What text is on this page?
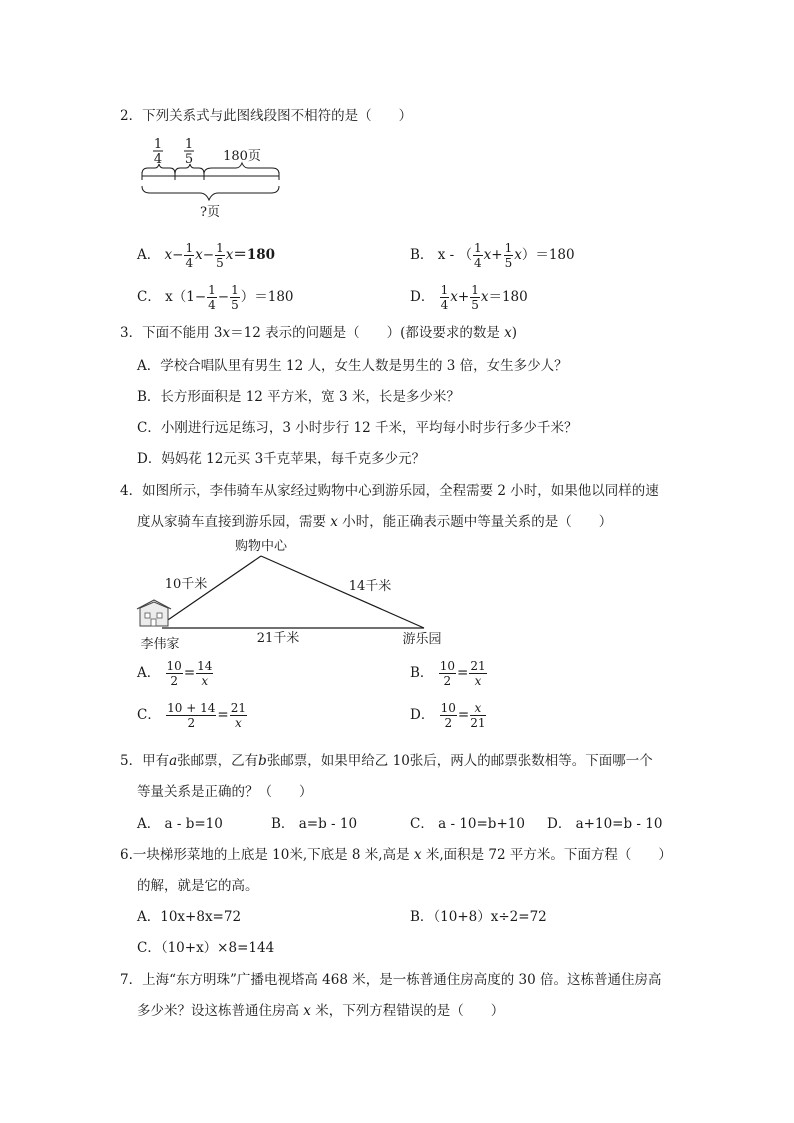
2．下列关系式与此图线段图不相符的是（　　）
1
4
1
5 180页
?页
A． $x- \frac{1}{4} x- \frac{1}{5} x=180$	B． x - （ $\frac{1}{4} x+ \frac{1}{5} x)=180$
C． $x(1- \frac{1}{4} - \frac{1}{5} )=180$	D． $\frac{1}{4} x+ \frac{1}{5} x=180$
3．下面不能用 3x＝12 表示的问题是（　　）(都设要求的数是 x)
A．学校合唱队里有男生 12 人，女生人数是男生的 3 倍，女生多少人？
B．长方形面积是 12 平方米，宽 3 米，长是多少米？
C．小刚进行远足练习，3 小时步行 12 千米，平均每小时步行多少千米？
D．妈妈花 12元买 3千克苹果，每千克多少元？
4．如图所示，李伟骑车从家经过购物中心到游乐园，全程需要 2 小时，如果他以同样的速
度从家骑车直接到游乐园，需要 x 小时，能正确表示题中等量关系的是（　　）
购物中心
10千米	14千米
21千米
李伟家	游乐园
A． $\frac{10}{2} = \frac{14}{x}$	B． $\frac{10}{2} = \frac{21}{x}$
C． $\frac{10 + 14}{2} = \frac{21}{x}$	D． $\frac{10}{2} = \frac{x}{21}$
5．甲有a张邮票，乙有b张邮票，如果甲给乙 10张后，两人的邮票张数相等。下面哪一个
等量关系是正确的？（　　）
A． a - b=10	B． a=b - 10	C． a - 10=b+10 D． a+10=b - 10
6.一块梯形菜地的上底是 10米,下底是 8 米,高是 x 米,面积是 72 平方米。下面方程（　　）
的解，就是它的高。
A．10x+8x=72	B．（10+8）x÷2=72
C．（10+x）×8=144
7．上海“东方明珠”广播电视塔高 468 米，是一栋普通住房高度的 30 倍。这栋普通住房高
多少米？设这栋普通住房高 x 米，下列方程错误的是（　　）
